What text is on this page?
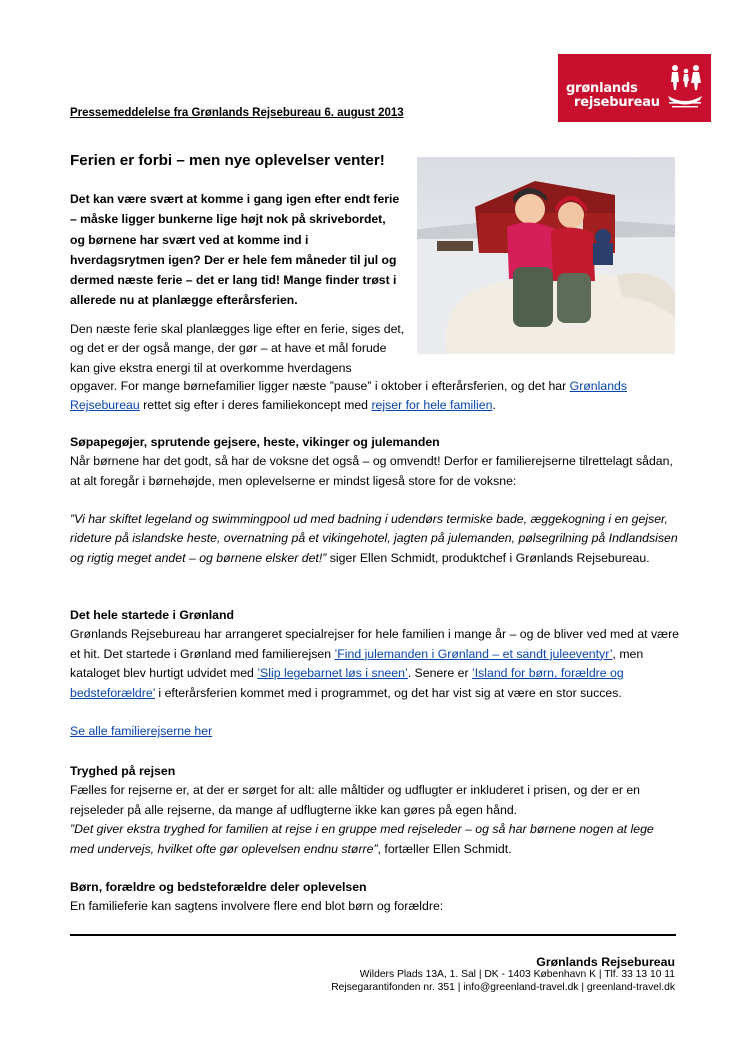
grønlands
rejsebureau
Pressemeddelelse fra Grønlands Rejsebureau 6. august 2013
Ferien er forbi – men nye oplevelser venter!
Det kan være svært at komme i gang igen efter endt ferie – måske ligger bunkerne lige højt nok på skrivebordet, og børnene har svært ved at komme ind i hverdagsrytmen igen? Der er hele fem måneder til jul og dermed næste ferie – det er lang tid! Mange finder trøst i allerede nu at planlægge efterårsferien.
Den næste ferie skal planlægges lige efter en ferie, siges det, og det er der også mange, der gør – at have et mål forude kan give ekstra energi til at overkomme hverdagens
opgaver. For mange børnefamilier ligger næste ”pause” i oktober i efterårsferien, og det har Grønlands Rejsebureau rettet sig efter i deres familiekoncept med rejser for hele familien.
Søpapegøjer, sprutende gejsere, heste, vikinger og julemanden

Når børnene har det godt, så har de voksne det også – og omvendt! Derfor er familierejserne tilrettelagt sådan, at alt foregår i børnehøjde, men oplevelserne er mindst ligeså store for de voksne:

”Vi har skiftet legeland og swimmingpool ud med badning i udendørs termiske bade, æggekogning i en gejser, rideture på islandske heste, overnatning på et vikingehotel, jagten på julemanden, pølsegrilning på Indlandsisen og rigtig meget andet – og børnene elsker det!” siger Ellen Schmidt, produktchef i Grønlands Rejsebureau.
Det hele startede i Grønland

Grønlands Rejsebureau har arrangeret specialrejser for hele familien i mange år – og de bliver ved med at være et hit. Det startede i Grønland med familierejsen ’Find julemanden i Grønland – et sandt juleeventyr’, men kataloget blev hurtigt udvidet med ’Slip legebarnet løs i sneen’. Senere er ’Island for børn, forældre og bedsteforældre’ i efterårsferien kommet med i programmet, og det har vist sig at være en stor succes.

Se alle familierejserne her
Tryghed på rejsen

Fælles for rejserne er, at der er sørget for alt: alle måltider og udflugter er inkluderet i prisen, og der er en rejseleder på alle rejserne, da mange af udflugterne ikke kan gøres på egen hånd.

”Det giver ekstra tryghed for familien at rejse i en gruppe med rejseleder – og så har børnene nogen at lege med undervejs, hvilket ofte gør oplevelsen endnu større”, fortæller Ellen Schmidt.

Børn, forældre og bedsteforældre deler oplevelsen

En familieferie kan sagtens involvere flere end blot børn og forældre:

Grønlands Rejsebureau
Wilders Plads 13A, 1. Sal | DK - 1403 København K | Tlf. 33 13 10 11
Rejsegarantifonden nr. 351 | info@greenland-travel.dk | greenland-travel.dk
